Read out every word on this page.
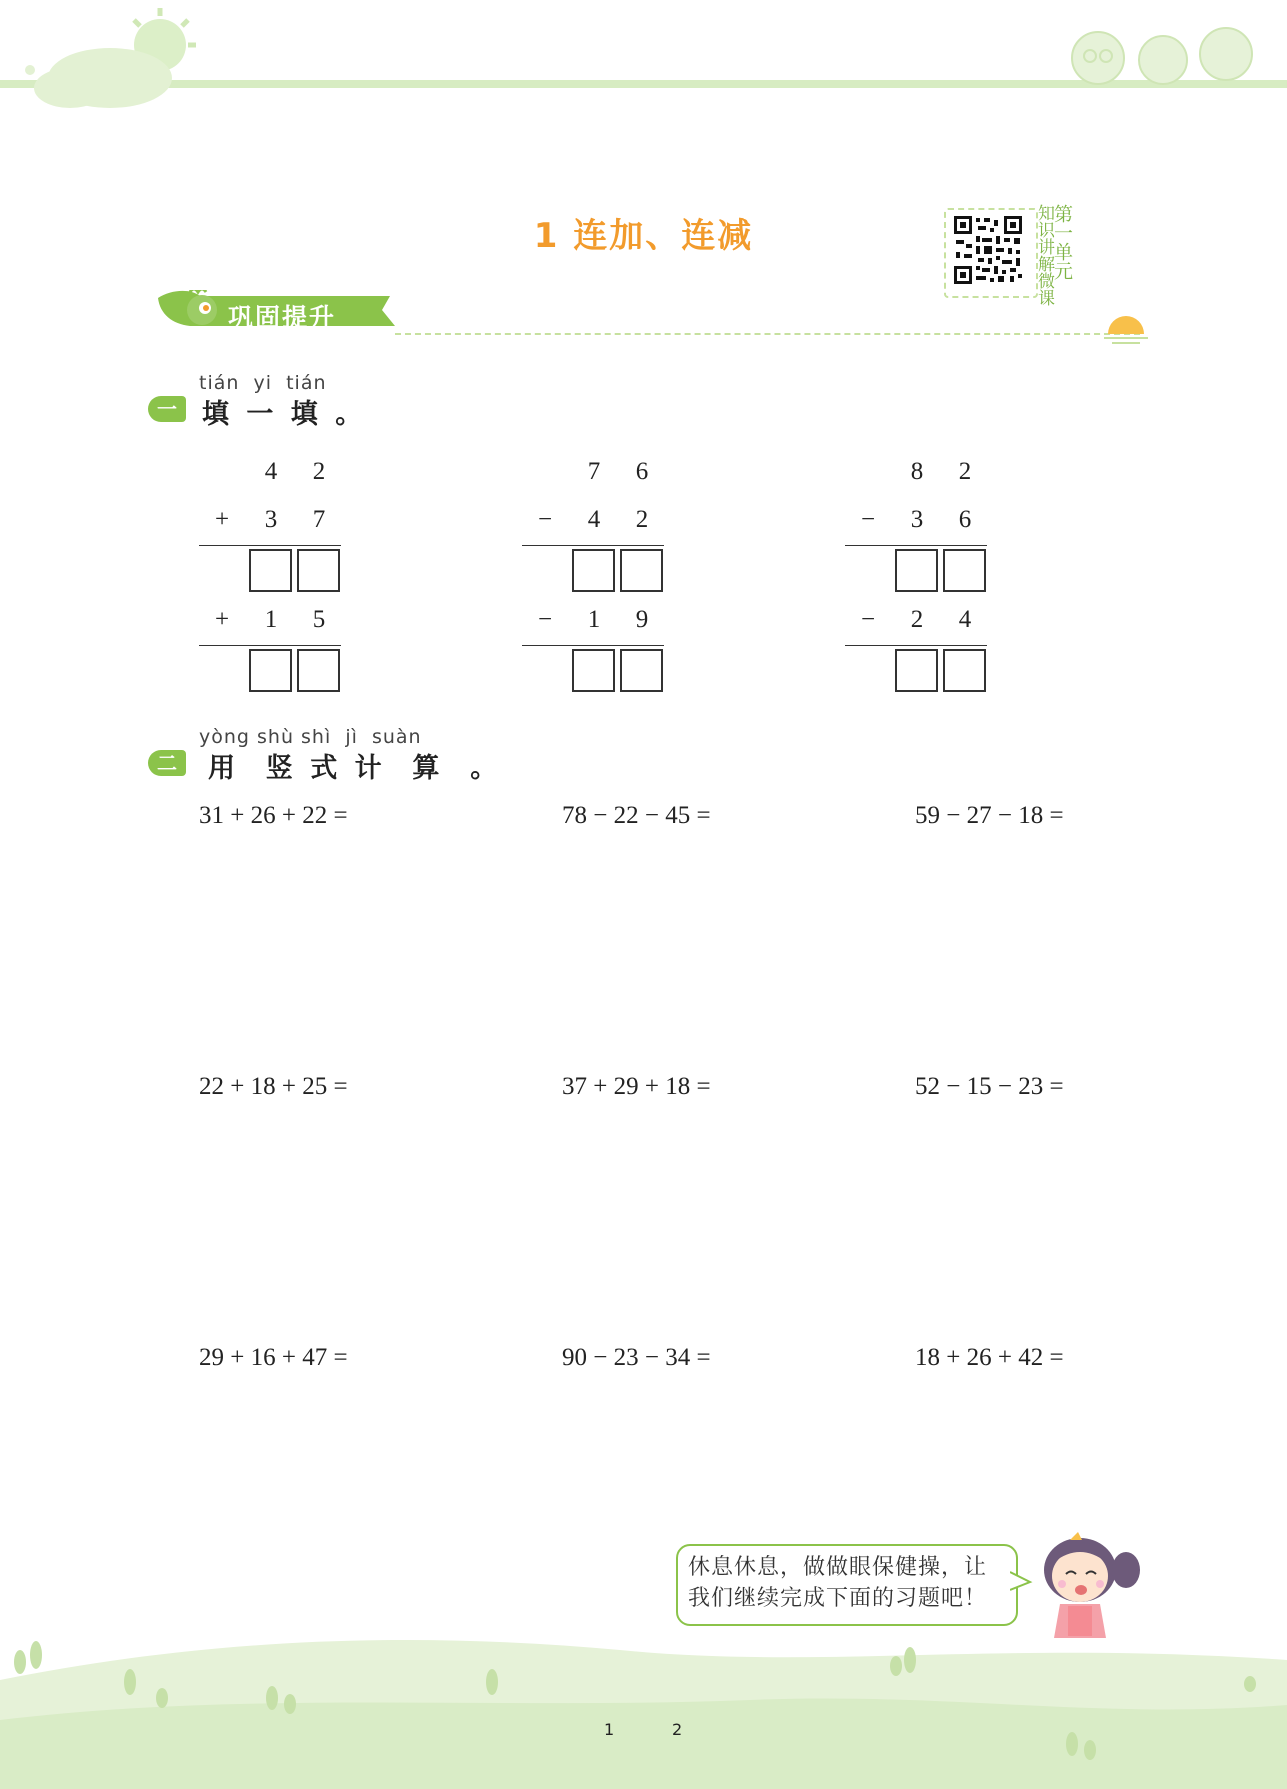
1 连加、连减	知识讲解微课
第一单元
巩固提升
tián  yi  tián
一 填 一 填 。
4	2
+	3	7
+	1	5
7	6
−	4	2
−	1	9
8	2
−	3	6
−	2	4
yòng shù shì  jì  suàn
二	用  竖 式 计  算  。
31 + 26 + 22 =	78 − 22 − 45 =	59 − 27 − 18 =
22 + 18 + 25 =	37 + 29 + 18 =	52 − 15 − 23 =
29 + 16 + 47 =	90 − 23 − 34 =	18 + 26 + 42 =
休息休息，做做眼保健操，让我们继续完成下面的习题吧！
1	2
